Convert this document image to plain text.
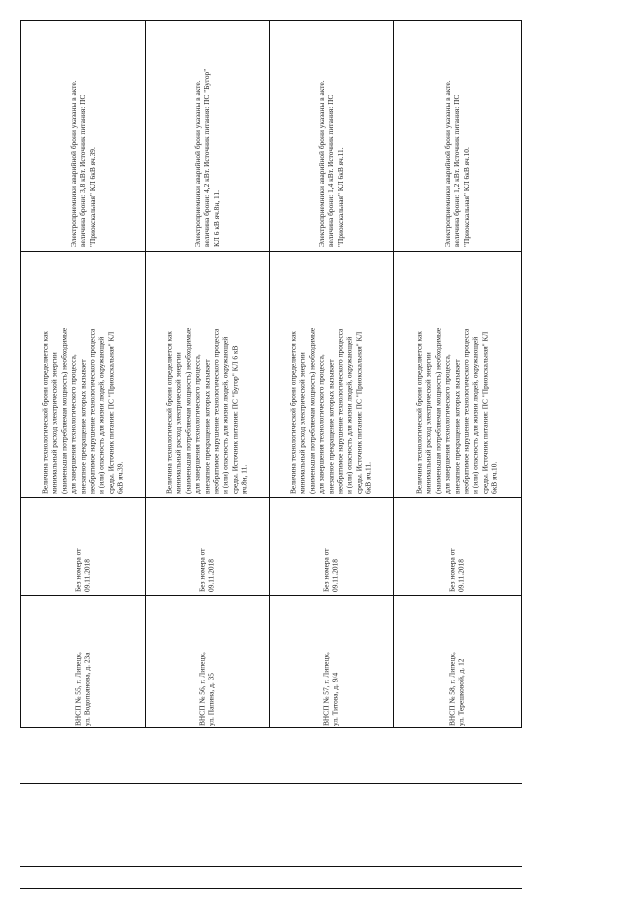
Электроприемники аварийной брони указаны в акте.
величина брони: 3,8 кВт. Источник питания: ПС
"Приокскальная" КЛ 6кВ яч.39.
Величина технологической брони определяется как
минимальный расход электрической энергии
(наименьшая потребляемая мощность) необходимые
для завершения технологического процесса,
внезапное прекращение которых вызывает
необратимое нарушение технологического процесса
и (или) опасность для жизни людей, окружающей
среды. Источник питания: ПС "Приокскальная" КЛ
6кВ яч.39.
Без номера от
09.11.2018
ВНСП № 55, г. Липецк,
ул. Водопьянова, д. 23а
Электроприемники аварийной брони указаны в акте.
величина брони: 4,2 кВт. Источник питания: ПС "Бугор"
КЛ 6 кВ яч.8н, 11.
Величина технологической брони определяется как
минимальный расход электрической энергии
(наименьшая потребляемая мощность) необходимые
для завершения технологического процесса,
внезапное прекращение которых вызывает
необратимое нарушение технологического процесса
и (или) опасность для жизни людей, окружающей
среды. Источник питания: ПС "Бугор" КЛ 6 кВ
яч.8н, 11.
Без номера от
09.11.2018
ВНСП № 56, г. Липецк,
ул. Папина, д. 35
Электроприемники аварийной брони указаны в акте.
величина брони: 1,4 кВт. Источник питания: ПС
"Приокскальная" КЛ 6кВ яч.11.
Величина технологической брони определяется как
минимальный расход электрической энергии
(наименьшая потребляемая мощность) необходимые
для завершения технологического процесса,
внезапное прекращение которых вызывает
необратимое нарушение технологического процесса
и (или) опасность для жизни людей, окружающей
среды. Источник питания: ПС "Приокскальная" КЛ
6кВ яч.11.
Без номера от
09.11.2018
ВНСП № 57, г. Липецк,
ул. Титова, д. 9/4
Электроприемники аварийной брони указаны в акте.
величина брони: 1,2 кВт. Источник питания: ПС
"Приокскальная" КЛ 6кВ яч.10.
Величина технологической брони определяется как
минимальный расход электрической энергии
(наименьшая потребляемая мощность) необходимые
для завершения технологического процесса,
внезапное прекращение которых вызывает
необратимое нарушение технологического процесса
и (или) опасность для жизни людей, окружающей
среды. Источник питания: ПС "Приокскальная" КЛ
6кВ яч.10.
Без номера от
09.11.2018
ВНСП № 58, г. Липецк,
ул. Терешковой, д. 12
